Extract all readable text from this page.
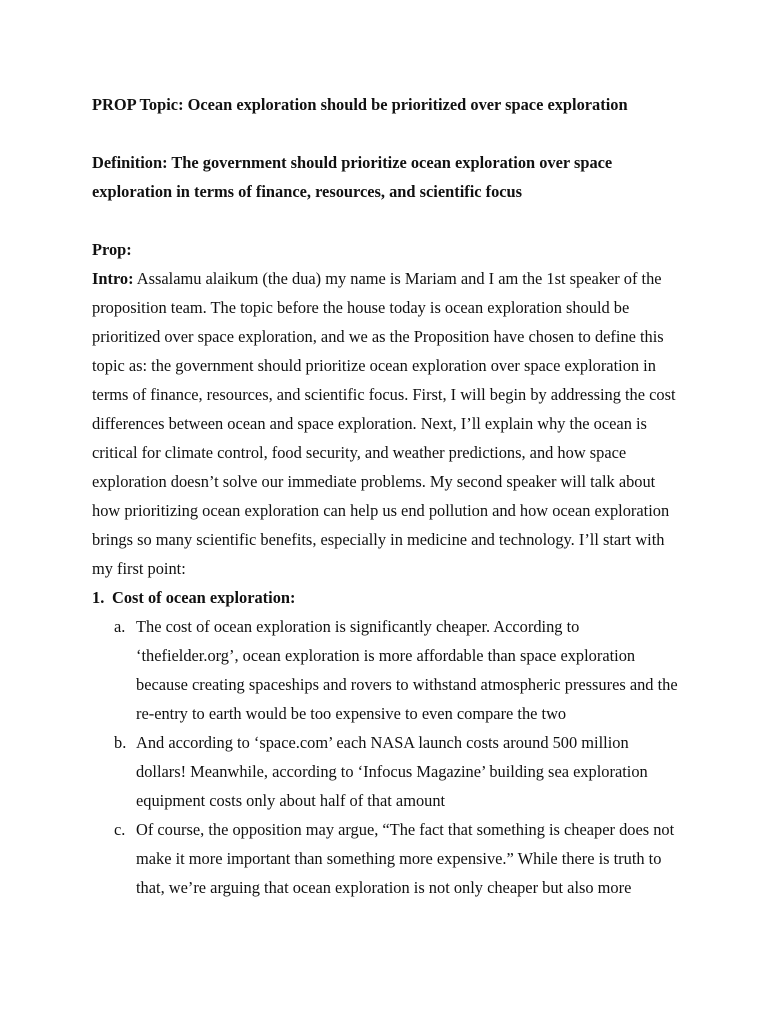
PROP Topic: Ocean exploration should be prioritized over space exploration

Definition: The government should prioritize ocean exploration over space

exploration in terms of finance, resources, and scientific focus

Prop:

Intro: Assalamu alaikum (the dua) my name is Mariam and I am the 1st speaker of the

proposition team. The topic before the house today is ocean exploration should be

prioritized over space exploration, and we as the Proposition have chosen to define this

topic as: the government should prioritize ocean exploration over space exploration in

terms of finance, resources, and scientific focus. First, I will begin by addressing the cost

differences between ocean and space exploration. Next, I’ll explain why the ocean is

critical for climate control, food security, and weather predictions, and how space

exploration doesn’t solve our immediate problems. My second speaker will talk about

how prioritizing ocean exploration can help us end pollution and how ocean exploration

brings so many scientific benefits, especially in medicine and technology. I’ll start with

my first point:

1. Cost of ocean exploration:
a. The cost of ocean exploration is significantly cheaper. According to

‘thefielder.org’, ocean exploration is more affordable than space exploration

because creating spaceships and rovers to withstand atmospheric pressures and the

re-entry to earth would be too expensive to even compare the two

b. And according to ‘space.com’ each NASA launch costs around 500 million

dollars! Meanwhile, according to ‘Infocus Magazine’ building sea exploration

equipment costs only about half of that amount

c. Of course, the opposition may argue, “The fact that something is cheaper does not

make it more important than something more expensive.” While there is truth to

that, we’re arguing that ocean exploration is not only cheaper but also more
